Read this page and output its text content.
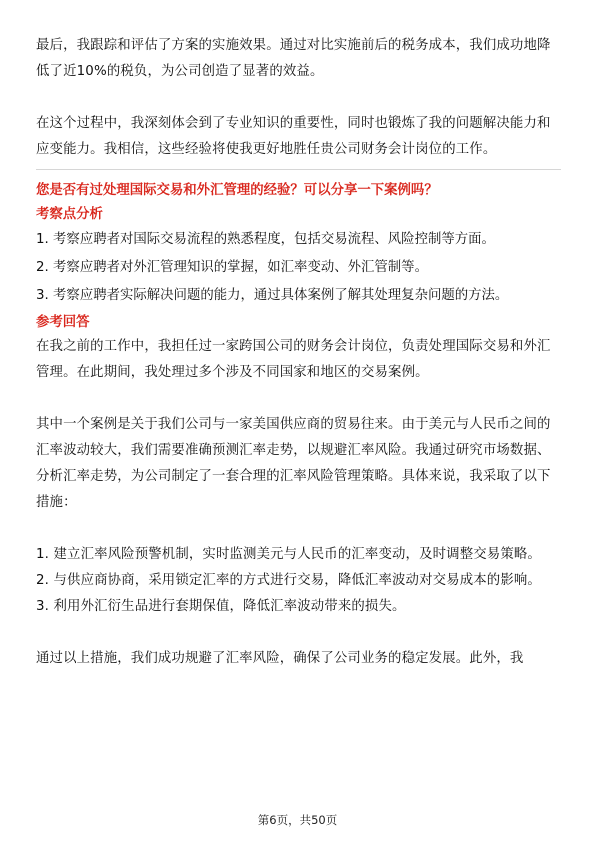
最后，我跟踪和评估了方案的实施效果。通过对比实施前后的税务成本，我们成功地降低了近10%的税负，为公司创造了显著的效益。

在这个过程中，我深刻体会到了专业知识的重要性，同时也锻炼了我的问题解决能力和应变能力。我相信，这些经验将使我更好地胜任贵公司财务会计岗位的工作。

您是否有过处理国际交易和外汇管理的经验？可以分享一下案例吗？
考察点分析
1. 考察应聘者对国际交易流程的熟悉程度，包括交易流程、风险控制等方面。
2. 考察应聘者对外汇管理知识的掌握，如汇率变动、外汇管制等。
3. 考察应聘者实际解决问题的能力，通过具体案例了解其处理复杂问题的方法。
参考回答

在我之前的工作中，我担任过一家跨国公司的财务会计岗位，负责处理国际交易和外汇管理。在此期间，我处理过多个涉及不同国家和地区的交易案例。

其中一个案例是关于我们公司与一家美国供应商的贸易往来。由于美元与人民币之间的汇率波动较大，我们需要准确预测汇率走势，以规避汇率风险。我通过研究市场数据、分析汇率走势，为公司制定了一套合理的汇率风险管理策略。具体来说，我采取了以下措施：

1. 建立汇率风险预警机制，实时监测美元与人民币的汇率变动，及时调整交易策略。

2. 与供应商协商，采用锁定汇率的方式进行交易，降低汇率波动对交易成本的影响。

3. 利用外汇衍生品进行套期保值，降低汇率波动带来的损失。

通过以上措施，我们成功规避了汇率风险，确保了公司业务的稳定发展。此外，我

第6页，共50页
